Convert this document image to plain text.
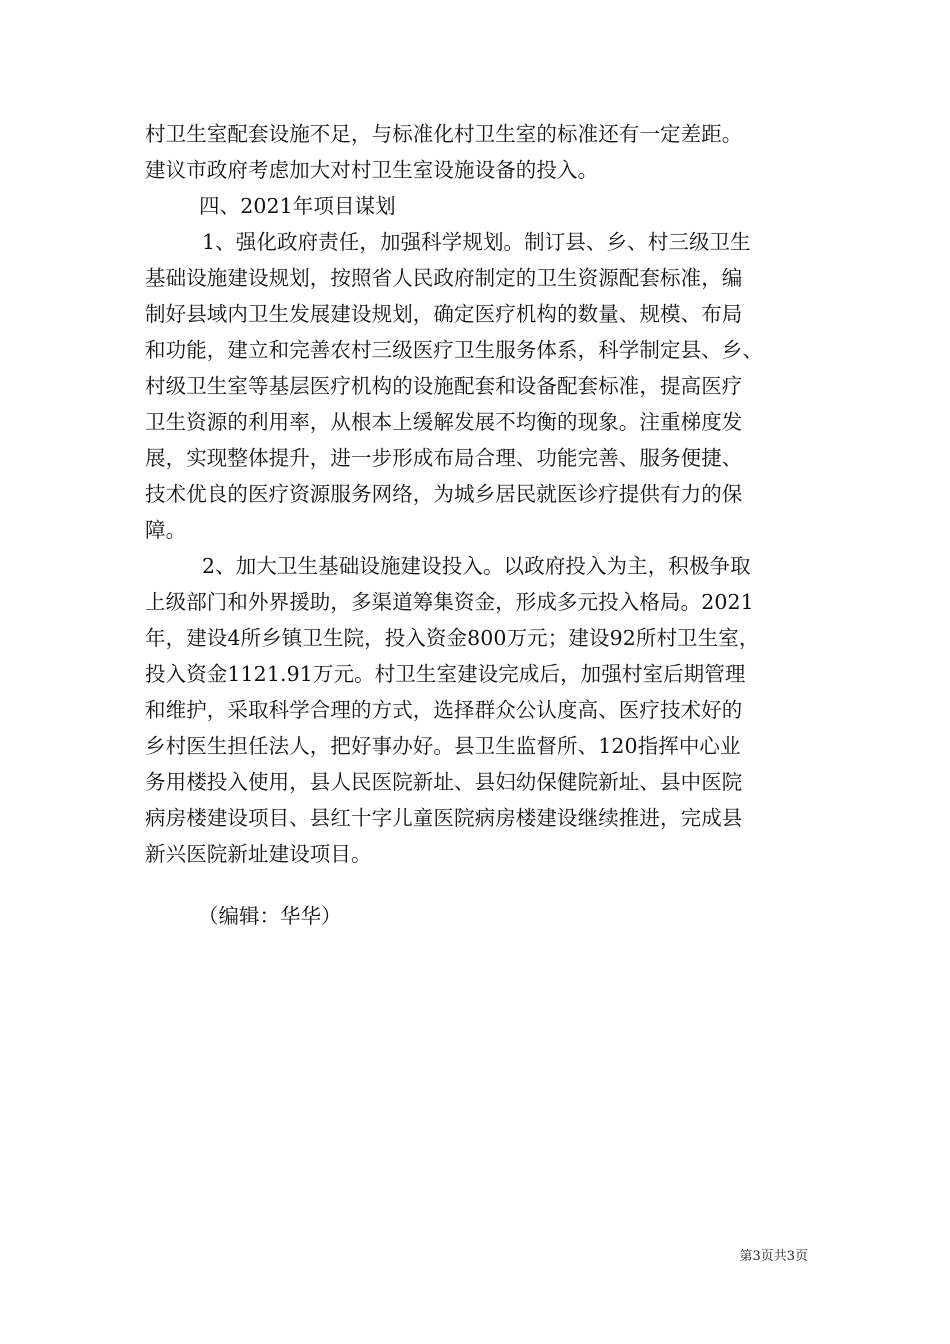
村卫生室配套设施不足，与标准化村卫生室的标准还有一定差距。

建议市政府考虑加大对村卫生室设施设备的投入。

四、2021年项目谋划

1、强化政府责任，加强科学规划。制订县、乡、村三级卫生

基础设施建设规划，按照省人民政府制定的卫生资源配套标准，编

制好县域内卫生发展建设规划，确定医疗机构的数量、规模、布局

和功能，建立和完善农村三级医疗卫生服务体系，科学制定县、乡、

村级卫生室等基层医疗机构的设施配套和设备配套标准，提高医疗

卫生资源的利用率，从根本上缓解发展不均衡的现象。注重梯度发

展，实现整体提升，进一步形成布局合理、功能完善、服务便捷、

技术优良的医疗资源服务网络，为城乡居民就医诊疗提供有力的保

障。

2、加大卫生基础设施建设投入。以政府投入为主，积极争取

上级部门和外界援助，多渠道筹集资金，形成多元投入格局。2021

年，建设4所乡镇卫生院，投入资金800万元；建设92所村卫生室，

投入资金1121.91万元。村卫生室建设完成后，加强村室后期管理

和维护，采取科学合理的方式，选择群众公认度高、医疗技术好的

乡村医生担任法人，把好事办好。县卫生监督所、120指挥中心业

务用楼投入使用，县人民医院新址、县妇幼保健院新址、县中医院

病房楼建设项目、县红十字儿童医院病房楼建设继续推进，完成县

新兴医院新址建设项目。

（编辑：华华）
第3页共3页
